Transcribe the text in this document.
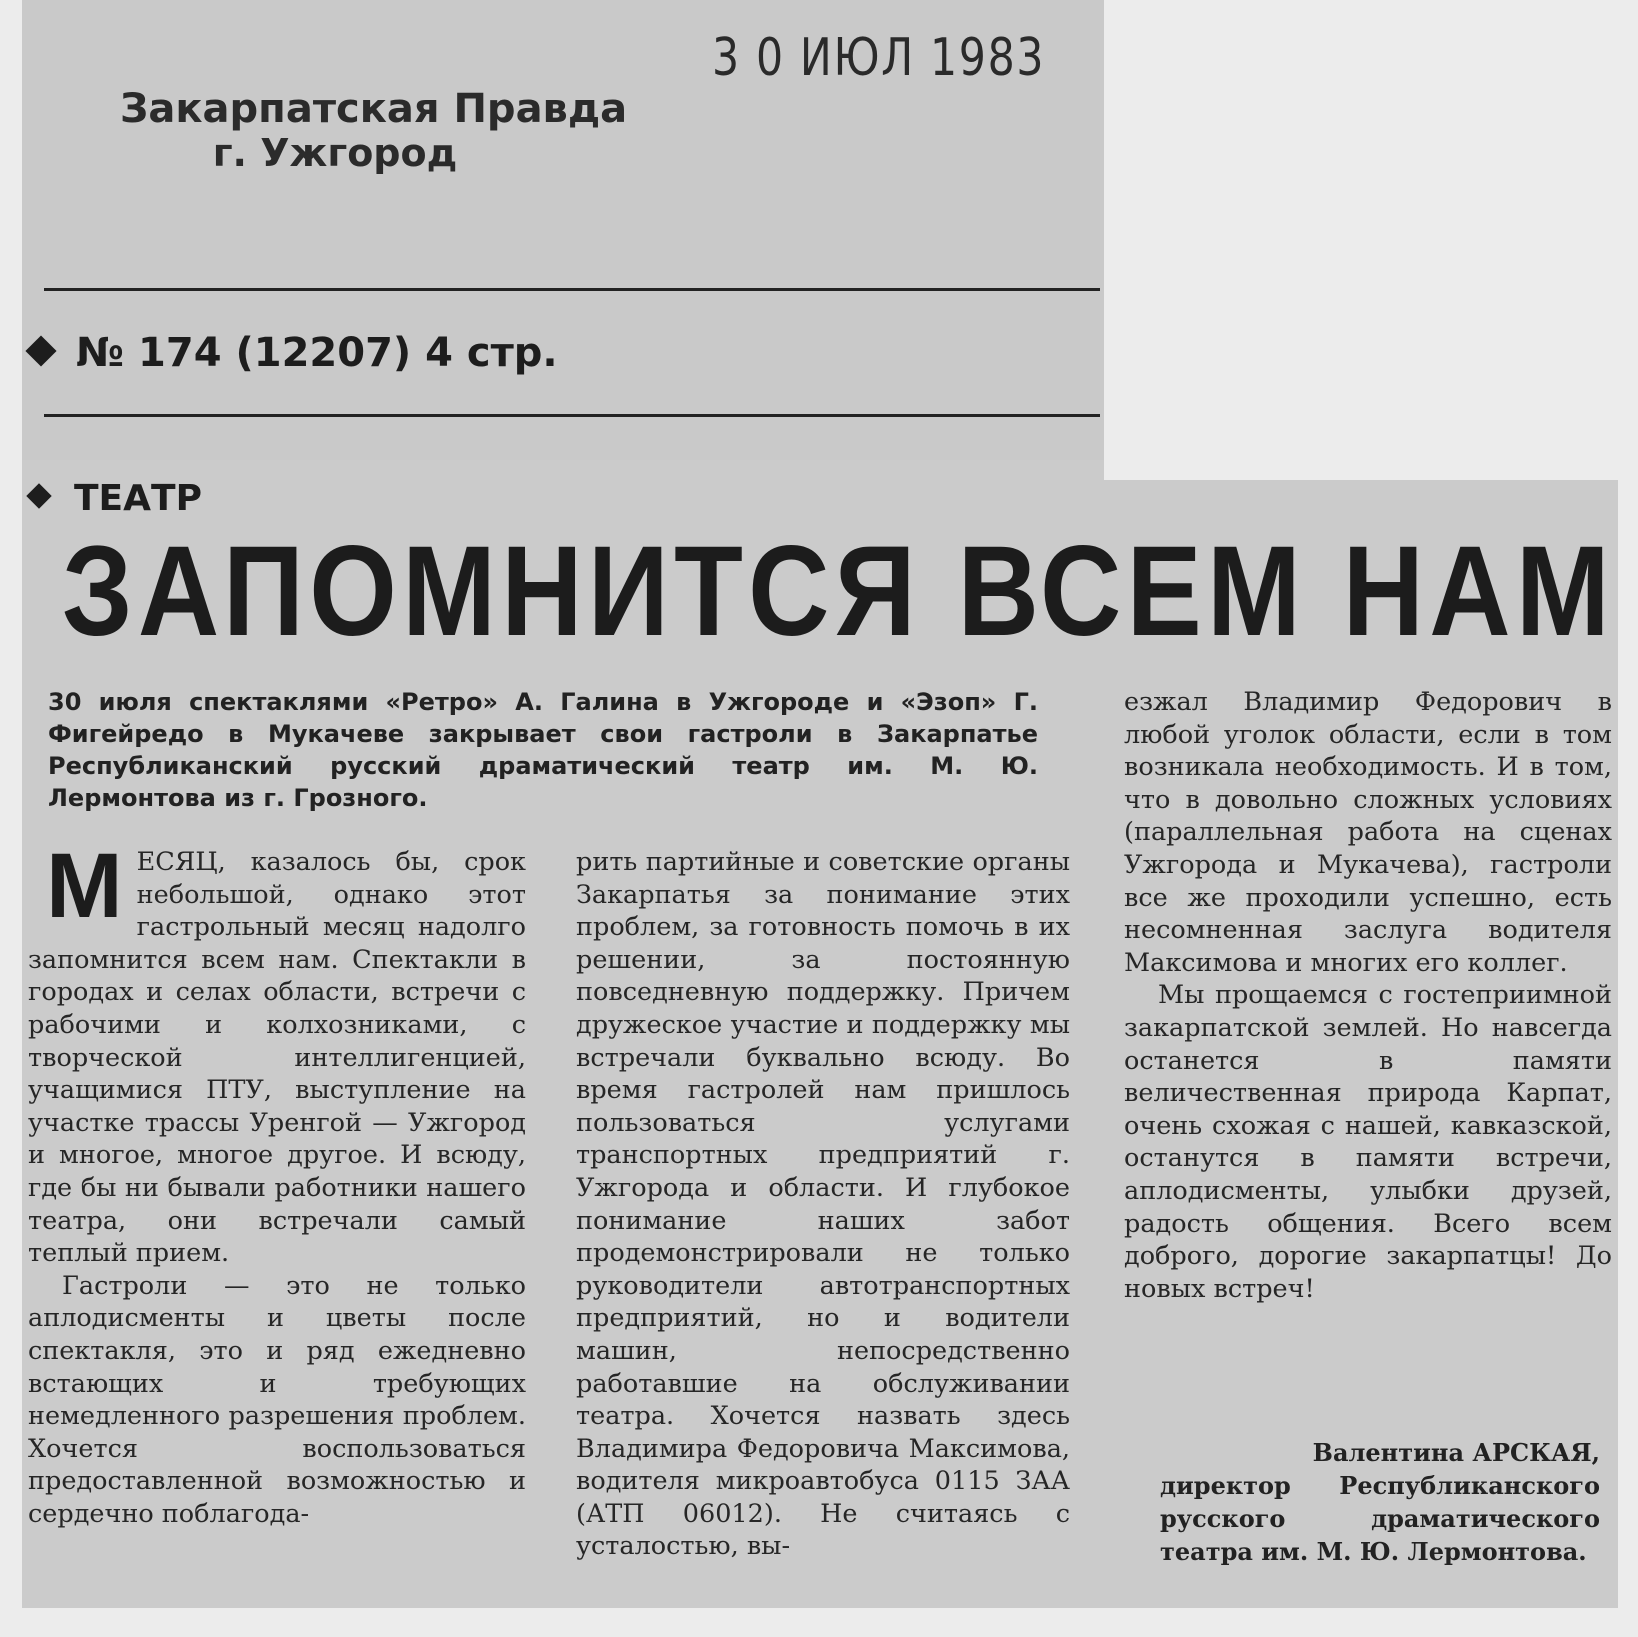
Закарпатская Правда
г. Ужгород
3 0 ИЮЛ 1983
№ 174 (12207) 4 стр.
ТЕАТР
ЗАПОМНИТСЯ ВСЕМ НАМ
30 июля спектаклями «Ретро» А. Галина в Ужгороде и «Эзоп» Г. Фигейредо в Мукачеве закрывает свои гастроли в Закарпатье Республиканский русский драматический театр им. М. Ю. Лермонтова из г. Грозного.

МЕСЯЦ, казалось бы, срок небольшой, однако этот гастрольный месяц надолго запомнится всем нам. Спектакли в городах и селах области, встречи с рабочими и колхозниками, с творческой интеллигенцией, учащимися ПТУ, выступление на участке трассы Уренгой — Ужгород и многое, многое другое. И всюду, где бы ни бывали работники нашего театра, они встречали самый теплый прием.

Гастроли — это не только аплодисменты и цветы после спектакля, это и ряд ежедневно встающих и требующих немедленного разрешения проблем. Хочется воспользоваться предоставленной возможностью и сердечно поблагода-

рить партийные и советские органы Закарпатья за понимание этих проблем, за готовность помочь в их решении, за постоянную повседневную поддержку. Причем дружеское участие и поддержку мы встречали буквально всюду. Во время гастролей нам пришлось пользоваться услугами транспортных предприятий г. Ужгорода и области. И глубокое понимание наших забот продемонстрировали не только руководители автотранспортных предприятий, но и водители машин, непосредственно работавшие на обслуживании театра. Хочется назвать здесь Владимира Федоровича Максимова, водителя микроавтобуса 0115 ЗАА (АТП 06012). Не считаясь с усталостью, вы-

езжал Владимир Федорович в любой уголок области, если в том возникала необходимость. И в том, что в довольно сложных условиях (параллельная работа на сценах Ужгорода и Мукачева), гастроли все же проходили успешно, есть несомненная заслуга водителя Максимова и многих его коллег.

Мы прощаемся с гостеприимной закарпатской землей. Но навсегда останется в памяти величественная природа Карпат, очень схожая с нашей, кавказской, останутся в памяти встречи, аплодисменты, улыбки друзей, радость общения. Всего всем доброго, дорогие закарпатцы! До новых встреч!

Валентина АРСКАЯ,
директор Республиканского русского драматического театра им. М. Ю. Лермонтова.
